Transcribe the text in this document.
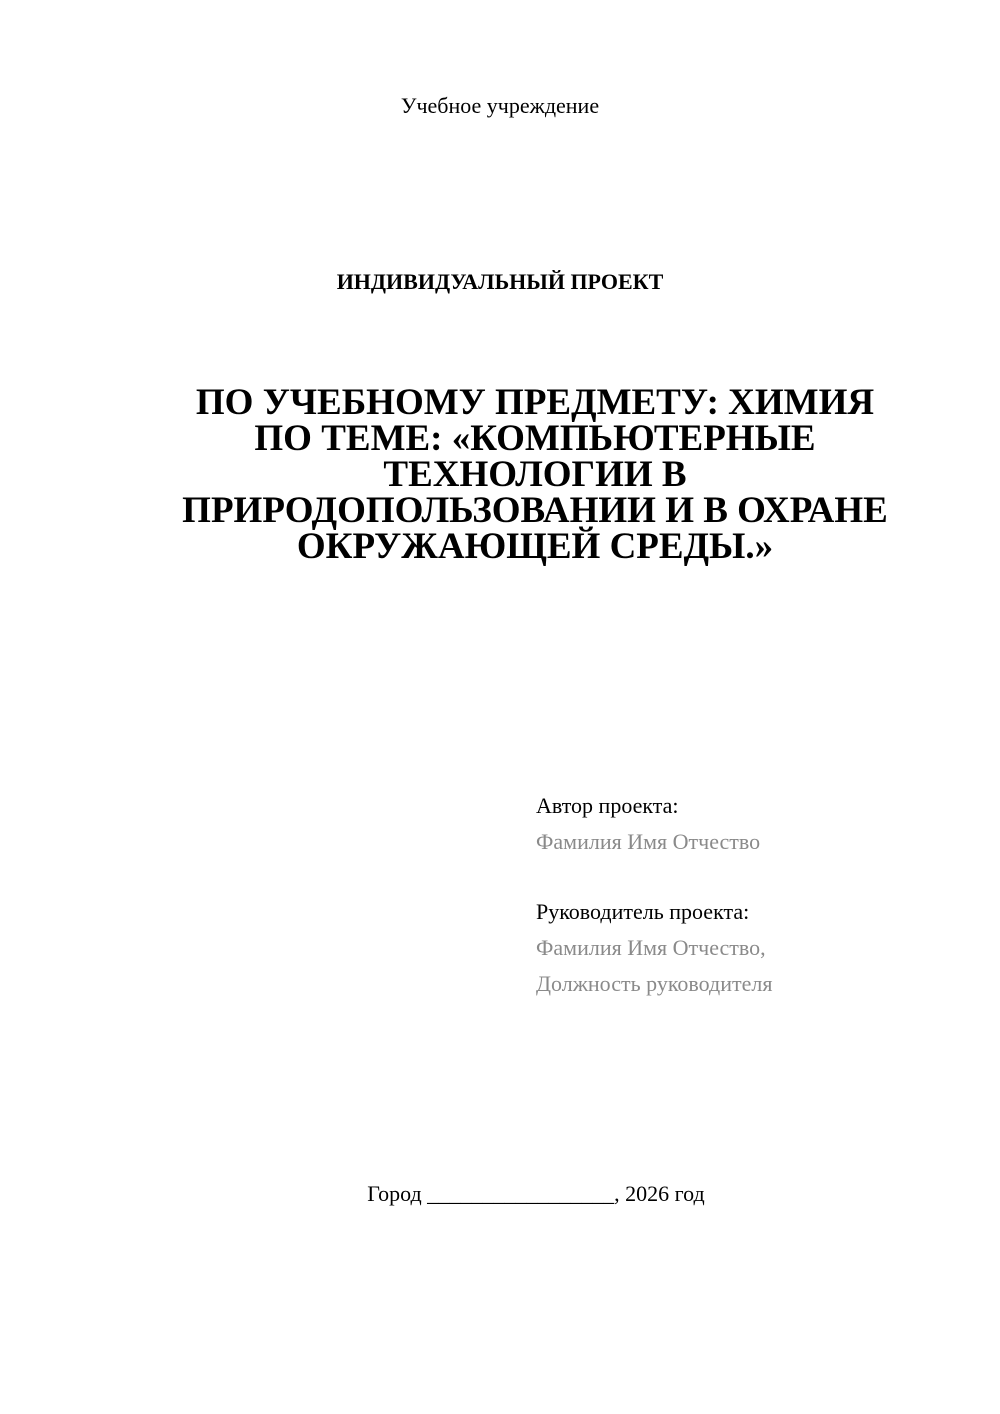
Учебное учреждение
ИНДИВИДУАЛЬНЫЙ ПРОЕКТ
ПО УЧЕБНОМУ ПРЕДМЕТУ: ХИМИЯ
ПО ТЕМЕ: «КОМПЬЮТЕРНЫЕ
ТЕХНОЛОГИИ В
ПРИРОДОПОЛЬЗОВАНИИ И В ОХРАНЕ
ОКРУЖАЮЩЕЙ СРЕДЫ.»
Автор проекта:
Фамилия Имя Отчество
Руководитель проекта:
Фамилия Имя Отчество,
Должность руководителя
Город _________________, 2026 год
